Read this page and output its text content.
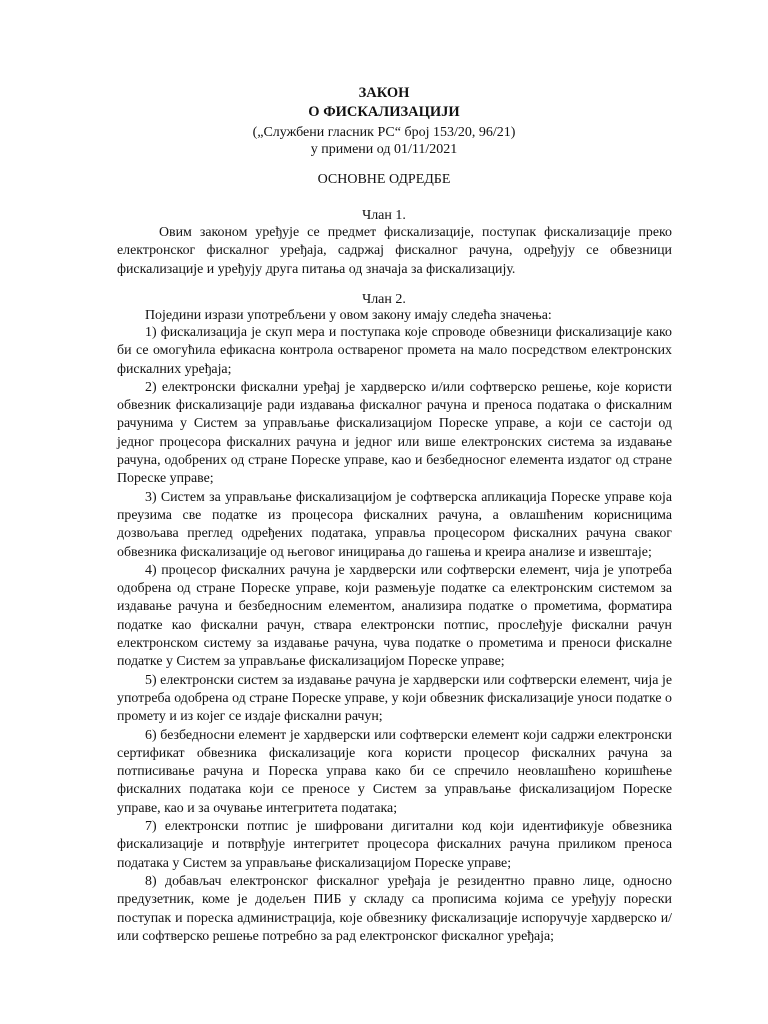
ЗАКОН
О ФИСКАЛИЗАЦИЈИ
(„Службени гласник РС“ број 153/20, 96/21)
у примени од 01/11/2021
ОСНОВНЕ ОДРЕДБЕ
Члан 1.

Овим законом уређује се предмет фискализације, поступак фискализације преко електронског фискалног уређаја, садржај фискалног рачуна, одређују се обвезници фискализације и уређују друга питања од значаја за фискализацију.

Члан 2.
Поједини изрази употребљени у овом закону имају следећа значења:

1) фискализација је скуп мера и поступака које спроводе обвезници фискализације како би се омогућила ефикасна контрола оствареног промета на мало посредством електронских фискалних уређаја;

2) електронски фискални уређај је хардверско и/или софтверско решење, које користи обвезник фискализације ради издавања фискалног рачуна и преноса података о фискалним рачунима у Систем за управљање фискализацијом Пореске управе, а који се састоји од једног процесора фискалних рачуна и једног или више електронских система за издавање рачуна, одобрених од стране Пореске управе, као и безбедносног елемента издатог од стране Пореске управе;

3) Систем за управљање фискализацијом је софтверска апликација Пореске управе која преузима све податке из процесора фискалних рачуна, а овлашћеним корисницима дозвољава преглед одређених података, управља процесором фискалних рачуна сваког обвезника фискализације од његовог иницирања до гашења и креира анализе и извештаје;

4) процесор фискалних рачуна је хардверски или софтверски елемент, чија је употреба одобрена од стране Пореске управе, који размењује податке са електронским системом за издавање рачуна и безбедносним елементом, анализира податке о прометима, форматира податке као фискални рачун, ствара електронски потпис, прослеђује фискални рачун електронском систему за издавање рачуна, чува податке о прометима и преноси фискалне податке у Систем за управљање фискализацијом Пореске управе;

5) електронски систем за издавање рачуна је хардверски или софтверски елемент, чија је употреба одобрена од стране Пореске управе, у који обвезник фискализације уноси податке о промету и из којег се издаје фискални рачун;

6) безбедносни елемент је хардверски или софтверски елемент који садржи електронски сертификат обвезника фискализације кога користи процесор фискалних рачуна за потписивање рачуна и Пореска управа како би се спречило неовлашћено коришћење фискалних података који се преносе у Систем за управљање фискализацијом Пореске управе, као и за очување интегритета података;

7) електронски потпис је шифровани дигитални код који идентификује обвезника фискализације и потврђује интегритет процесора фискалних рачуна приликом преноса података у Систем за управљање фискализацијом Пореске управе;

8) добављач електронског фискалног уређаја је резидентно правно лице, односно предузетник, коме је додељен ПИБ у складу са прописима којима се уређују порески поступак и пореска администрација, које обвезнику фискализације испоручује хардверско и/или софтверско решење потребно за рад електронског фискалног уређаја;
